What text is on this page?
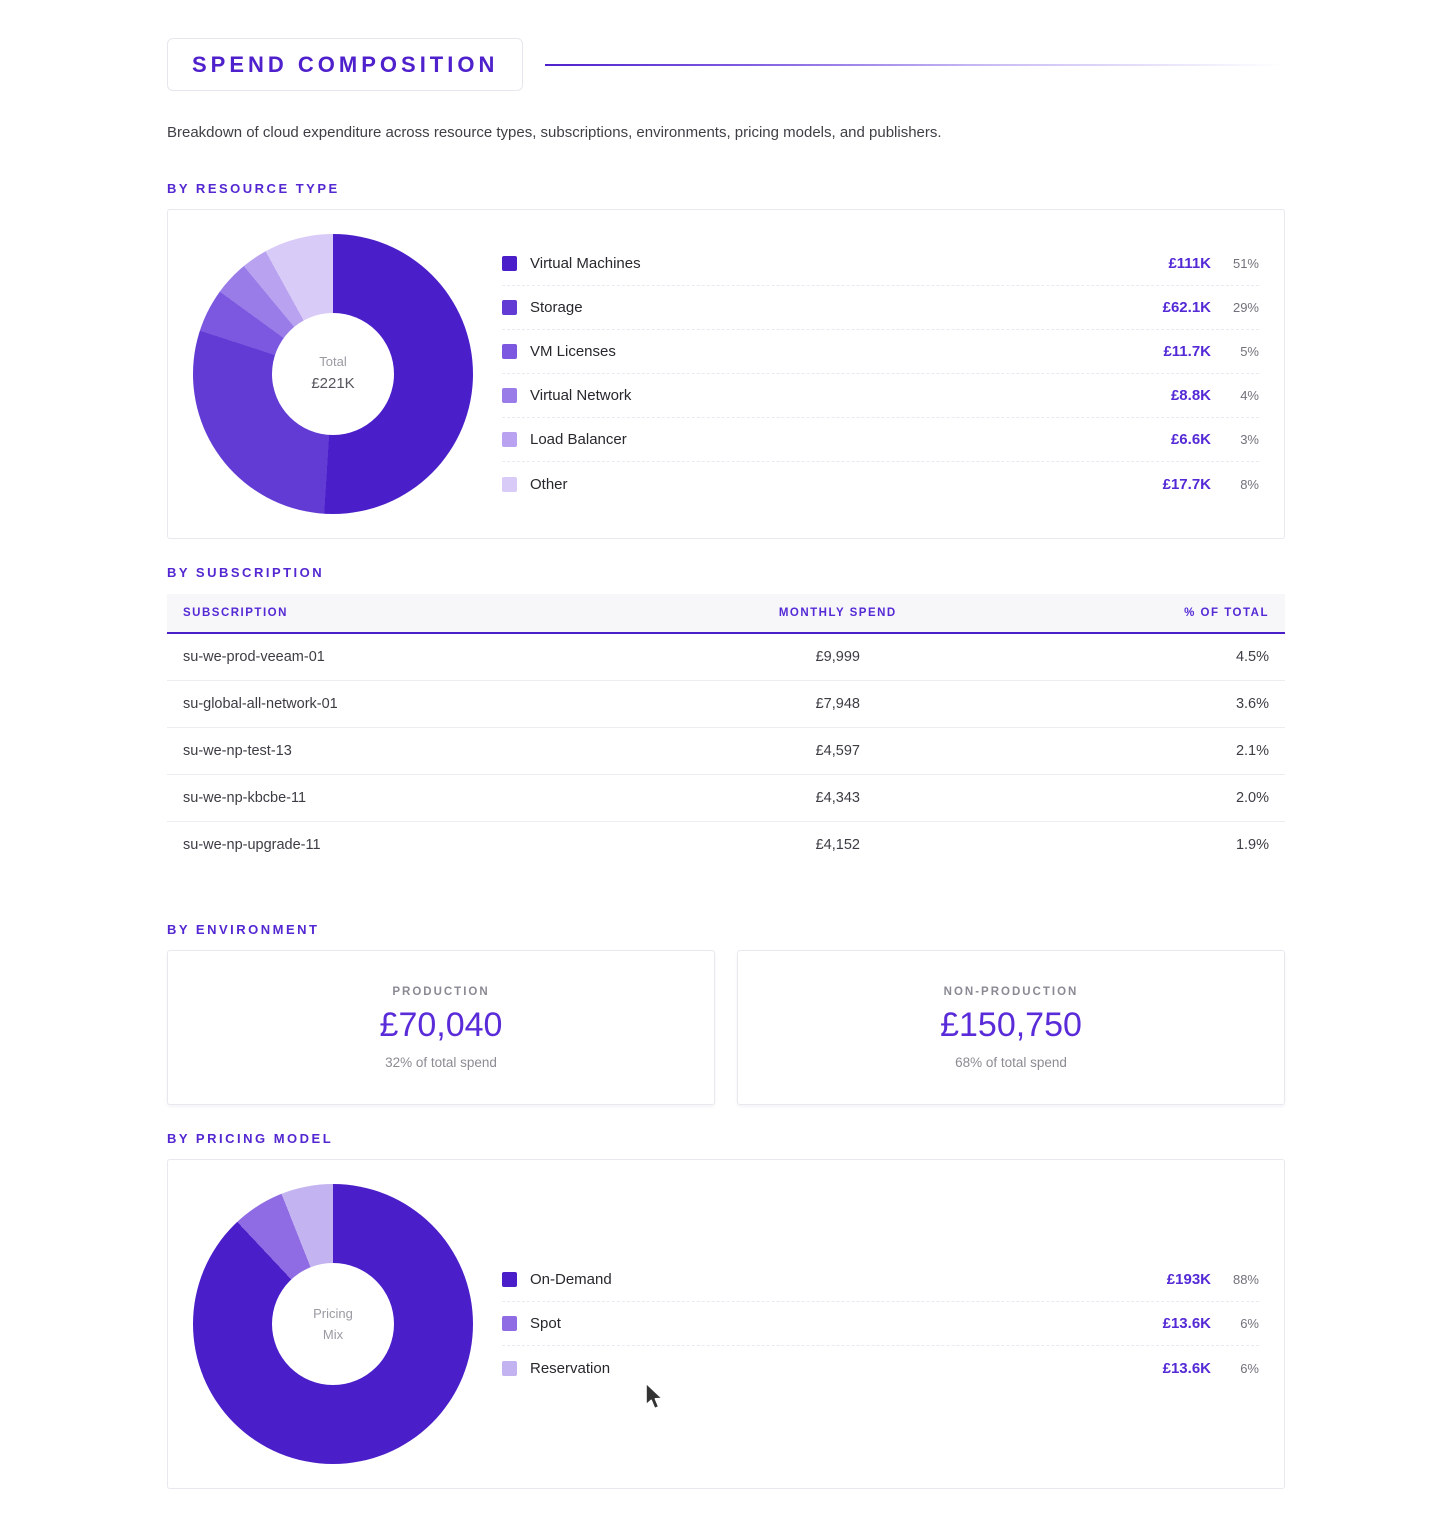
SPEND COMPOSITION

Breakdown of cloud expenditure across resource types, subscriptions, environments, pricing models, and publishers.

BY RESOURCE TYPE
Total
£221K
Virtual Machines	£111K	51%
Storage	£62.1K	29%
VM Licenses	£11.7K	5%
Virtual Network	£8.8K	4%
Load Balancer	£6.6K	3%
Other	£17.7K	8%
BY SUBSCRIPTION
SUBSCRIPTION	MONTHLY SPEND	% OF TOTAL
su-we-prod-veeam-01	£9,999	4.5%
su-global-all-network-01	£7,948	3.6%
su-we-np-test-13	£4,597	2.1%
su-we-np-kbcbe-11	£4,343	2.0%
su-we-np-upgrade-11	£4,152	1.9%
BY ENVIRONMENT
PRODUCTION
£70,040
32% of total spend
NON-PRODUCTION
£150,750
68% of total spend
BY PRICING MODEL
Pricing
Mix
On-Demand	£193K	88%
Spot	£13.6K	6%
Reservation	£13.6K	6%
